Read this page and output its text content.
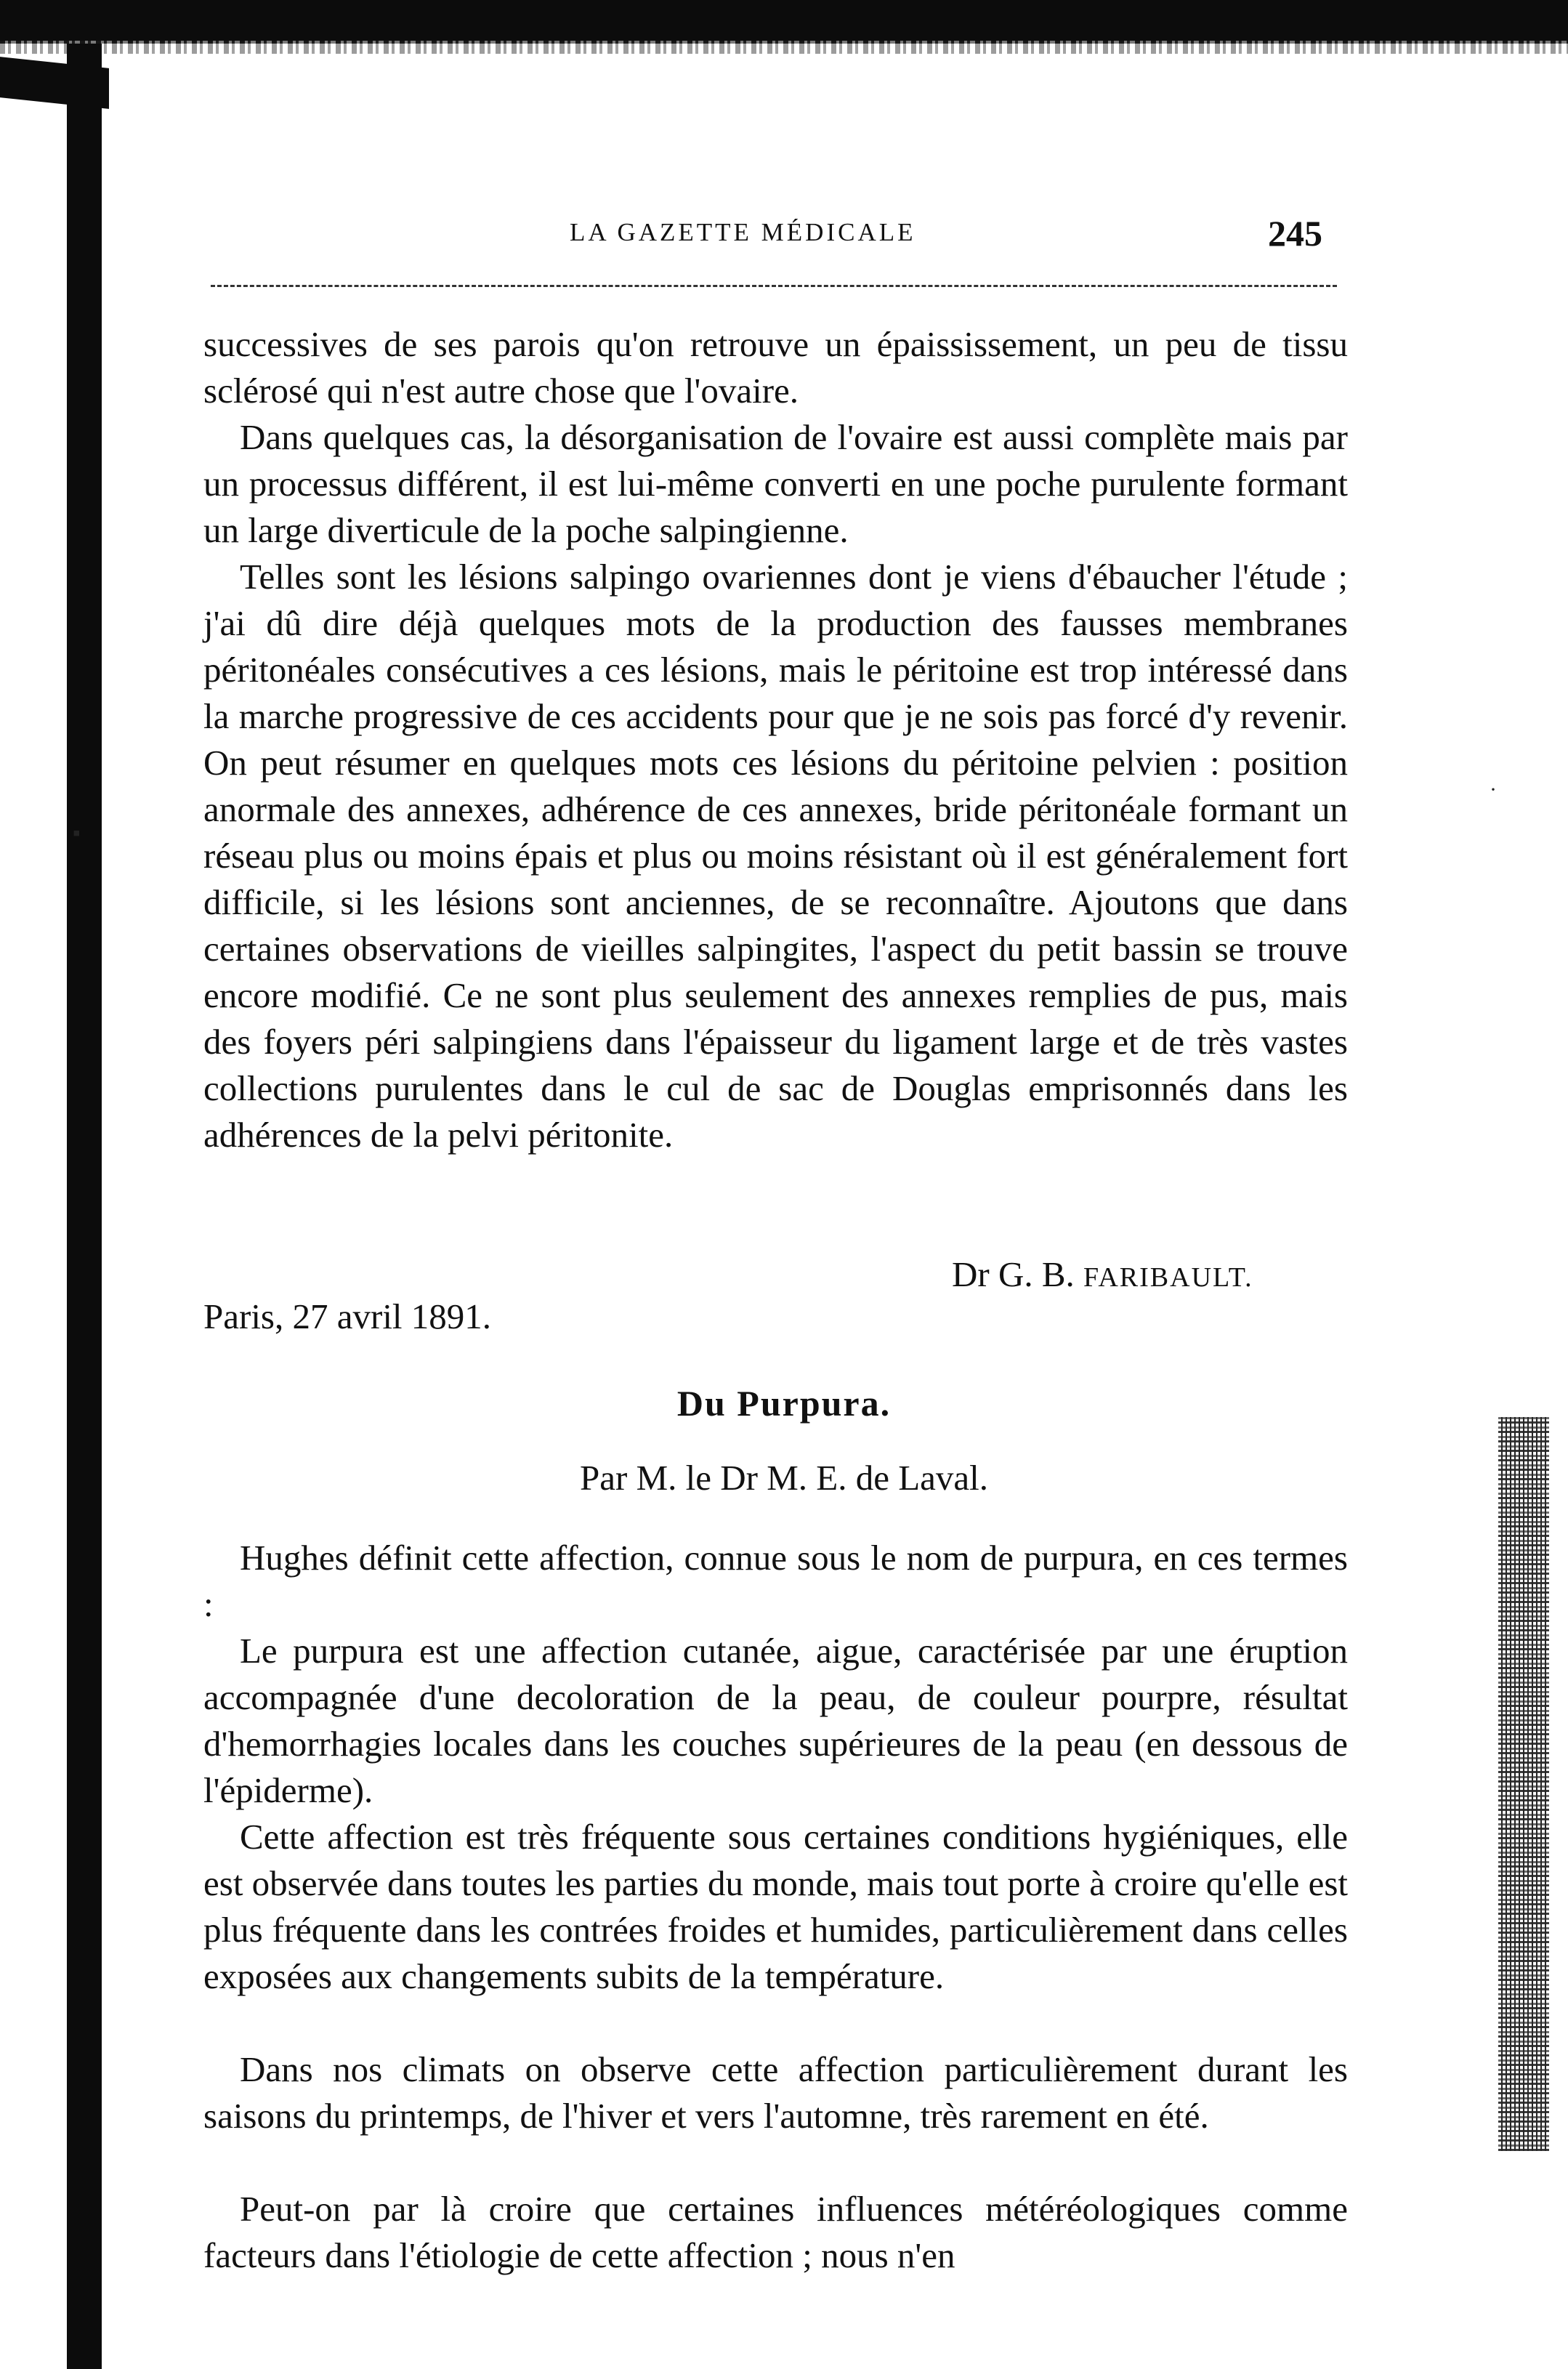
▪
·
LA GAZETTE MÉDICALE	245

successives de ses parois qu'on retrouve un épaississement, un peu de tissu sclérosé qui n'est autre chose que l'ovaire.

Dans quelques cas, la désorganisation de l'ovaire est aussi complète mais par un processus différent, il est lui-même converti en une poche purulente formant un large diverticule de la poche salpingienne.

Telles sont les lésions salpingo ovariennes dont je viens d'ébaucher l'étude ; j'ai dû dire déjà quelques mots de la production des fausses membranes péritonéales consécutives a ces lésions, mais le péritoine est trop intéressé dans la marche progressive de ces accidents pour que je ne sois pas forcé d'y revenir. On peut résumer en quelques mots ces lésions du péritoine pelvien : position anormale des annexes, adhérence de ces annexes, bride péritonéale formant un réseau plus ou moins épais et plus ou moins résistant où il est généralement fort difficile, si les lésions sont anciennes, de se reconnaître. Ajoutons que dans certaines observations de vieilles salpingites, l'aspect du petit bassin se trouve encore modifié. Ce ne sont plus seulement des annexes remplies de pus, mais des foyers péri salpingiens dans l'épaisseur du ligament large et de très vastes collections purulentes dans le cul de sac de Douglas emprisonnés dans les adhérences de la pelvi péritonite.

Dr G. B. FARIBAULT.
Paris, 27 avril 1891.
Du Purpura.
Par M. le Dr M. E. de Laval.

Hughes définit cette affection, connue sous le nom de purpura, en ces termes :

Le purpura est une affection cutanée, aigue, caractérisée par une éruption accompagnée d'une decoloration de la peau, de couleur pourpre, résultat d'hemorrhagies locales dans les couches supérieures de la peau (en dessous de l'épiderme).

Cette affection est très fréquente sous certaines conditions hygiéniques, elle est observée dans toutes les parties du monde, mais tout porte à croire qu'elle est plus fréquente dans les contrées froides et humides, particulièrement dans celles exposées aux changements subits de la température.

Dans nos climats on observe cette affection particulièrement durant les saisons du printemps, de l'hiver et vers l'automne, très rarement en été.

Peut-on par là croire que certaines influences météréologiques comme facteurs dans l'étiologie de cette affection ; nous n'en
